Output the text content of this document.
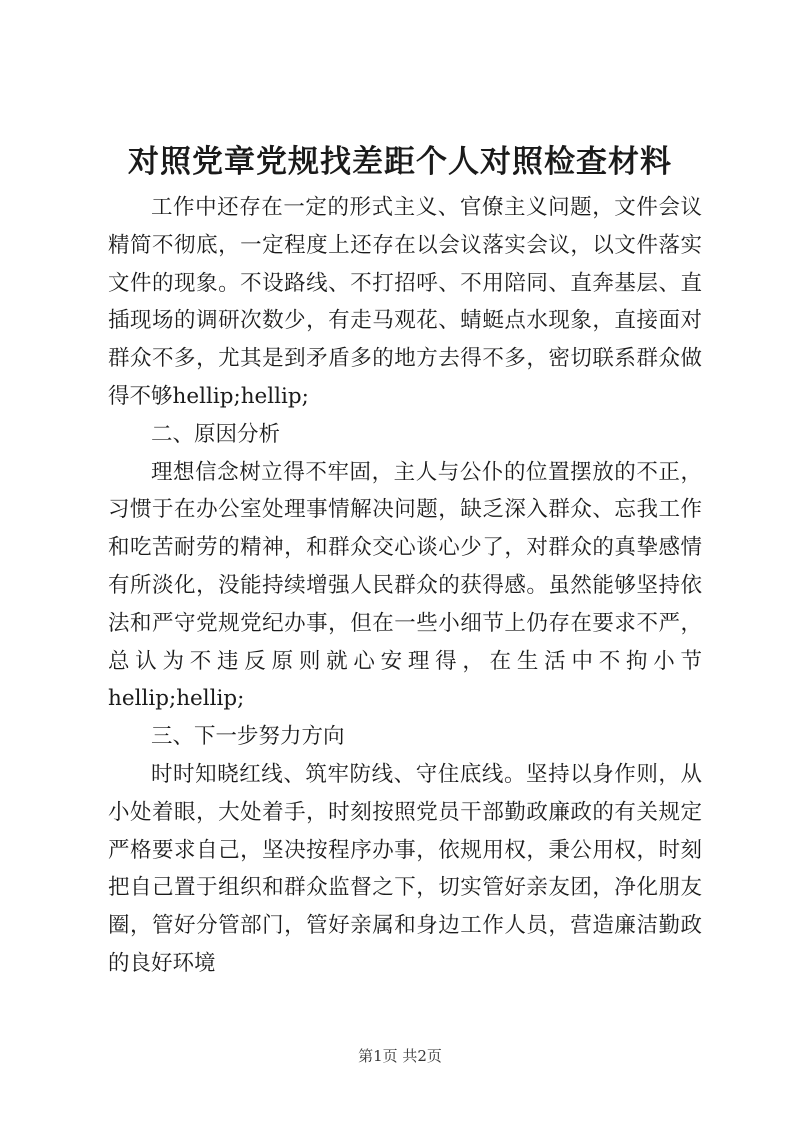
对照党章党规找差距个人对照检查材料

工作中还存在一定的形式主义、官僚主义问题，文件会议精简不彻底，一定程度上还存在以会议落实会议，以文件落实文件的现象。不设路线、不打招呼、不用陪同、直奔基层、直插现场的调研次数少，有走马观花、蜻蜓点水现象，直接面对群众不多，尤其是到矛盾多的地方去得不多，密切联系群众做得不够hellip;hellip;

二、原因分析

理想信念树立得不牢固，主人与公仆的位置摆放的不正，习惯于在办公室处理事情解决问题，缺乏深入群众、忘我工作和吃苦耐劳的精神，和群众交心谈心少了，对群众的真挚感情有所淡化，没能持续增强人民群众的获得感。虽然能够坚持依法和严守党规党纪办事，但在一些小细节上仍存在要求不严，总认为不违反原则就心安理得，在生活中不拘小节hellip;hellip;

三、下一步努力方向

时时知晓红线、筑牢防线、守住底线。坚持以身作则，从小处着眼，大处着手，时刻按照党员干部勤政廉政的有关规定严格要求自己，坚决按程序办事，依规用权，秉公用权，时刻把自己置于组织和群众监督之下，切实管好亲友团，净化朋友圈，管好分管部门，管好亲属和身边工作人员，营造廉洁勤政的良好环境

第1页 共2页
